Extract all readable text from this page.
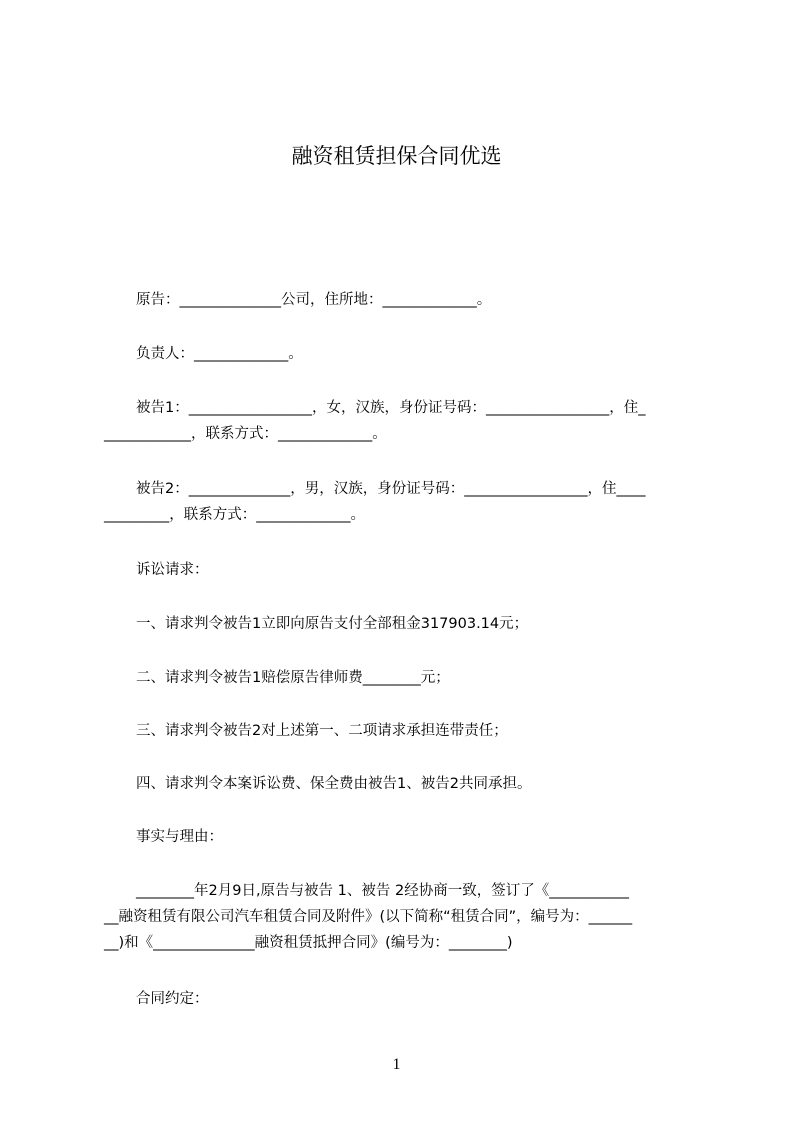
融资租赁担保合同优选
原告：______________公司，住所地：_____________。
负责人：_____________。
被告1：_________________，女，汉族，身份证号码：_________________，住_
____________，联系方式：_____________。
被告2：______________，男，汉族，身份证号码：_________________，住____
_________，联系方式：_____________。
诉讼请求：
一、请求判令被告1立即向原告支付全部租金317903.14元；
二、请求判令被告1赔偿原告律师费________元；
三、请求判令被告2对上述第一、二项请求承担连带责任；
四、请求判令本案诉讼费、保全费由被告1、被告2共同承担。
事实与理由：
________年2月9日,原告与被告 1、被告 2经协商一致，签订了《___________
__融资租赁有限公司汽车租赁合同及附件》(以下简称“租赁合同”，编号为：______
__)和《______________融资租赁抵押合同》(编号为：________)
合同约定：
1
